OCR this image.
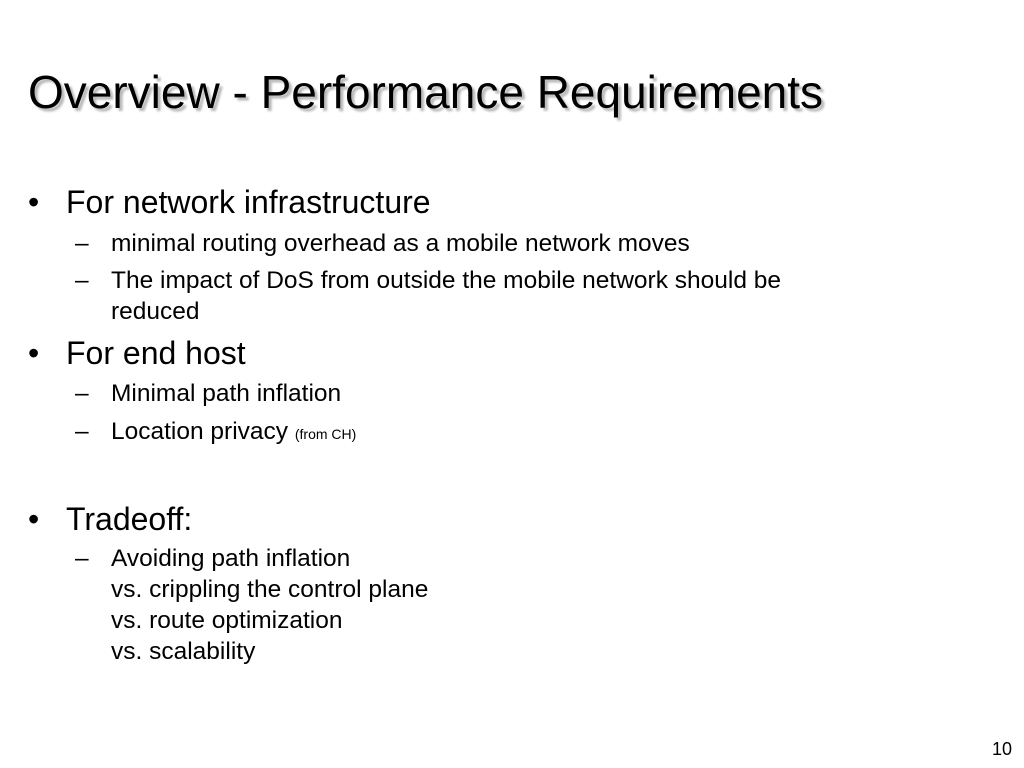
Overview - Performance Requirements
• For network infrastructure
– minimal routing overhead as a mobile network moves
– The impact of DoS from outside the mobile network should be
reduced
• For end host
– Minimal path inflation
– Location privacy (from CH)
• Tradeoff:
– Avoiding path inflation
vs. crippling the control plane
vs. route optimization
vs. scalability
10
